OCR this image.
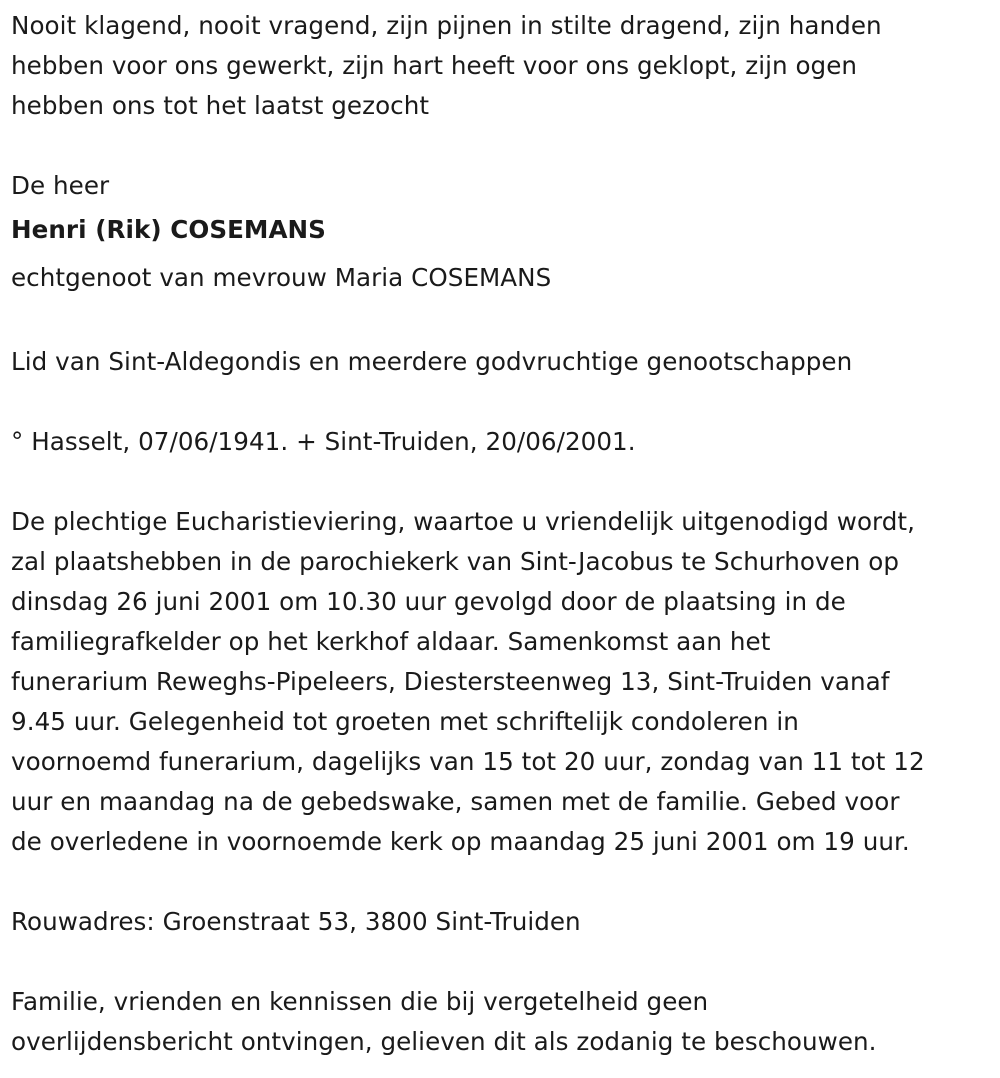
Nooit klagend, nooit vragend, zijn pijnen in stilte dragend, zijn handen

hebben voor ons gewerkt, zijn hart heeft voor ons geklopt, zijn ogen

hebben ons tot het laatst gezocht

De heer

Henri (Rik) COSEMANS

echtgenoot van mevrouw Maria COSEMANS

Lid van Sint-Aldegondis en meerdere godvruchtige genootschappen

° Hasselt, 07/06/1941. + Sint-Truiden, 20/06/2001.

De plechtige Eucharistieviering, waartoe u vriendelijk uitgenodigd wordt,

zal plaatshebben in de parochiekerk van Sint-Jacobus te Schurhoven op

dinsdag 26 juni 2001 om 10.30 uur gevolgd door de plaatsing in de

familiegrafkelder op het kerkhof aldaar. Samenkomst aan het

funerarium Reweghs-Pipeleers, Diestersteenweg 13, Sint-Truiden vanaf

9.45 uur. Gelegenheid tot groeten met schriftelijk condoleren in

voornoemd funerarium, dagelijks van 15 tot 20 uur, zondag van 11 tot 12

uur en maandag na de gebedswake, samen met de familie. Gebed voor

de overledene in voornoemde kerk op maandag 25 juni 2001 om 19 uur.

Rouwadres: Groenstraat 53, 3800 Sint-Truiden

Familie, vrienden en kennissen die bij vergetelheid geen

overlijdensbericht ontvingen, gelieven dit als zodanig te beschouwen.
